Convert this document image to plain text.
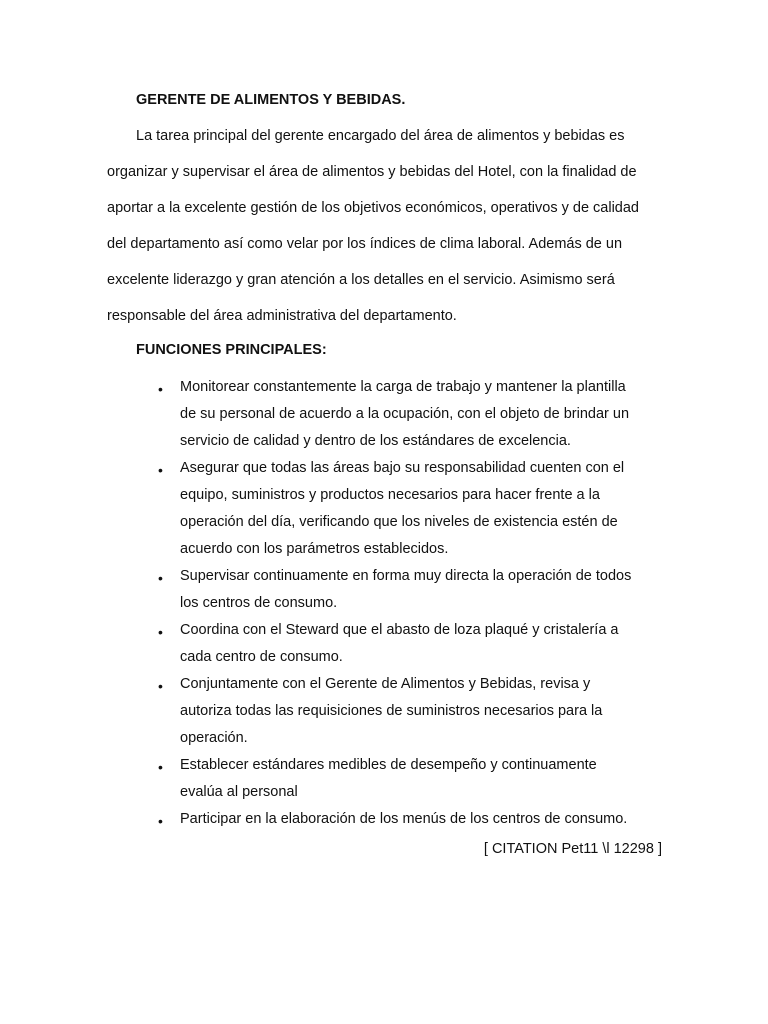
GERENTE DE ALIMENTOS Y BEBIDAS.
La tarea principal del gerente encargado del área de alimentos y bebidas es
organizar y supervisar el área de alimentos y bebidas del Hotel, con la finalidad de
aportar a la excelente gestión de los objetivos económicos, operativos y de calidad
del departamento así como velar por los índices de clima laboral. Además de un
excelente liderazgo y gran atención a los detalles en el servicio. Asimismo será
responsable del área administrativa del departamento.
FUNCIONES PRINCIPALES:
• Monitorear constantemente la carga de trabajo y mantener la plantilla
de su personal de acuerdo a la ocupación, con el objeto de brindar un
servicio de calidad y dentro de los estándares de excelencia.
• Asegurar que todas las áreas bajo su responsabilidad cuenten con el
equipo, suministros y productos necesarios para hacer frente a la
operación del día, verificando que los niveles de existencia estén de
acuerdo con los parámetros establecidos.
• Supervisar continuamente en forma muy directa la operación de todos
los centros de consumo.
• Coordina con el Steward que el abasto de loza plaqué y cristalería a
cada centro de consumo.
• Conjuntamente con el Gerente de Alimentos y Bebidas, revisa y
autoriza todas las requisiciones de suministros necesarios para la
operación.
• Establecer estándares medibles de desempeño y continuamente
evalúa al personal
• Participar en la elaboración de los menús de los centros de consumo.
[ CITATION Pet11 \l 12298 ]
